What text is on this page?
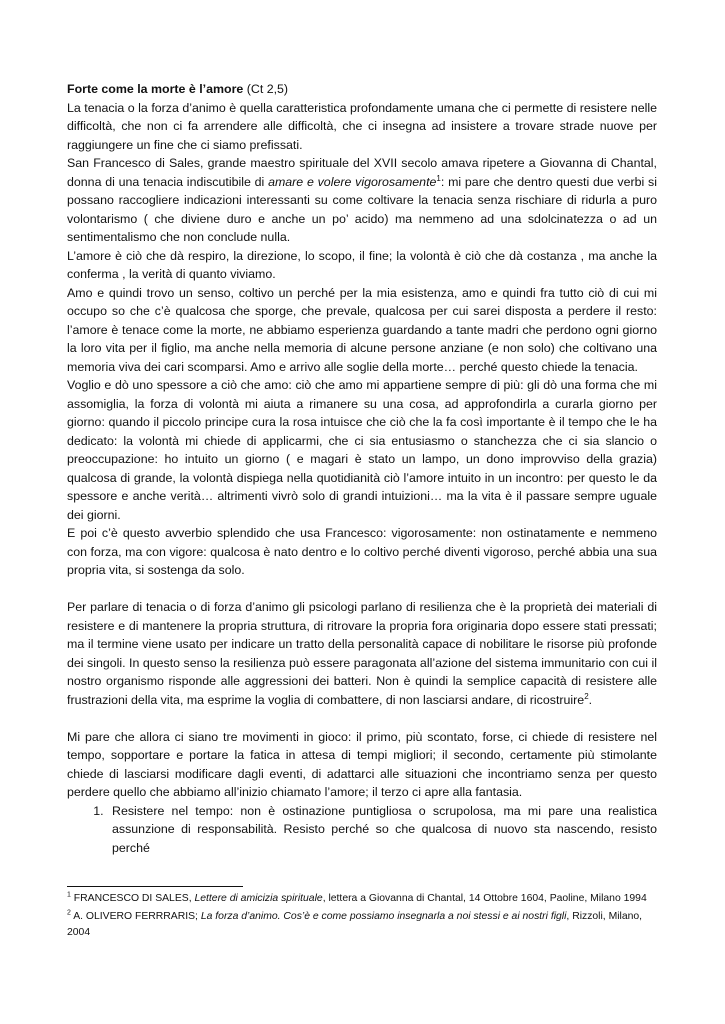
Forte come la morte è l’amore (Ct 2,5)

La tenacia o la forza d’animo è quella caratteristica profondamente umana che ci permette di resistere nelle difficoltà, che non ci fa arrendere alle difficoltà, che ci insegna ad insistere a trovare strade nuove per raggiungere un fine che ci siamo prefissati.

San Francesco di Sales, grande maestro spirituale del XVII secolo amava ripetere a Giovanna di Chantal, donna di una tenacia indiscutibile di amare e volere vigorosamente$^1$: mi pare che dentro questi due verbi si possano raccogliere indicazioni interessanti su come coltivare la tenacia senza rischiare di ridurla a puro volontarismo ( che diviene duro e anche un po’ acido) ma nemmeno ad una sdolcinatezza o ad un sentimentalismo che non conclude nulla.

L’amore è ciò che dà respiro, la direzione, lo scopo, il fine; la volontà è ciò che dà costanza , ma anche la conferma , la verità di quanto viviamo.

Amo e quindi trovo un senso, coltivo un perché per la mia esistenza, amo e quindi fra tutto ciò di cui mi occupo so che c’è qualcosa che sporge, che prevale, qualcosa per cui sarei disposta a perdere il resto: l’amore è tenace come la morte, ne abbiamo esperienza guardando a tante madri che perdono ogni giorno la loro vita per il figlio, ma anche nella memoria di alcune persone anziane (e non solo) che coltivano una memoria viva dei cari scomparsi. Amo e arrivo alle soglie della morte… perché questo chiede la tenacia.

Voglio e dò uno spessore a ciò che amo: ciò che amo mi appartiene sempre di più: gli dò una forma che mi assomiglia, la forza di volontà mi aiuta a rimanere su una cosa, ad approfondirla a curarla giorno per giorno: quando il piccolo principe cura la rosa intuisce che ciò che la fa così importante è il tempo che le ha dedicato: la volontà mi chiede di applicarmi, che ci sia entusiasmo o stanchezza che ci sia slancio o preoccupazione: ho intuito un giorno ( e magari è stato un lampo, un dono improvviso della grazia) qualcosa di grande, la volontà dispiega nella quotidianità ciò l’amore intuito in un incontro: per questo le da spessore e anche verità… altrimenti vivrò solo di grandi intuizioni… ma la vita è il passare sempre uguale dei giorni.

E poi c’è questo avverbio splendido che usa Francesco: vigorosamente: non ostinatamente e nemmeno con forza, ma con vigore: qualcosa è nato dentro e lo coltivo perché diventi vigoroso, perché abbia una sua propria vita, si sostenga da solo.

Per parlare di tenacia o di forza d’animo gli psicologi parlano di resilienza che è la proprietà dei materiali di resistere e di mantenere la propria struttura, di ritrovare la propria fora originaria dopo essere stati pressati; ma il termine viene usato per indicare un tratto della personalità capace di nobilitare le risorse più profonde dei singoli. In questo senso la resilienza può essere paragonata all’azione del sistema immunitario con cui il nostro organismo risponde alle aggressioni dei batteri. Non è quindi la semplice capacità di resistere alle frustrazioni della vita, ma esprime la voglia di combattere, di non lasciarsi andare, di ricostruire$^2$.

Mi pare che allora ci siano tre movimenti in gioco: il primo, più scontato, forse, ci chiede di resistere nel tempo, sopportare e portare la fatica in attesa di tempi migliori; il secondo, certamente più stimolante chiede di lasciarsi modificare dagli eventi, di adattarci alle situazioni che incontriamo senza per questo perdere quello che abbiamo all’inizio chiamato l’amore; il terzo ci apre alla fantasia.

1. Resistere nel tempo: non è ostinazione puntigliosa o scrupolosa, ma mi pare una realistica assunzione di responsabilità. Resisto perché so che qualcosa di nuovo sta nascendo, resisto perché

$^1$ FRANCESCO DI SALES, Lettere di amicizia spirituale, lettera a Giovanna di Chantal, 14 Ottobre 1604, Paoline, Milano 1994

$^2$ A. OLIVERO FERRRARIS; La forza d’animo. Cos’è e come possiamo insegnarla a noi stessi e ai nostri figli, Rizzoli, Milano, 2004
